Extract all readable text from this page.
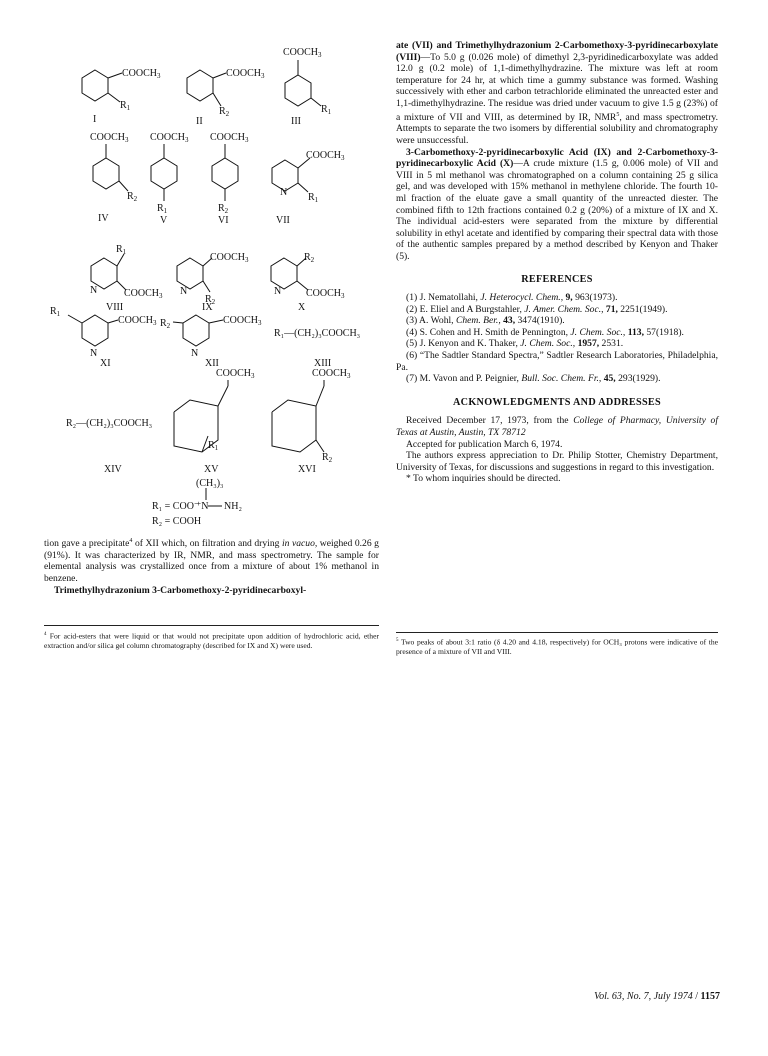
$COOCH_3$
$R_1$
I
$COOCH_3$
$R_2$
II
$COOCH_3$
$R_1$
III
$COOCH_3$
$R_2$
IV
$COOCH_3$
$R_1$
V
$COOCH_3$
$R_2$
VI
$COOCH_3$
$R_1$
N
VII
$R_1$
$COOCH_3$
N
VIII
$COOCH_3$
$R_2$
N
IX
$R_2$
$COOCH_3$
N
X
$R_1$
$COOCH_3$
N
XI
$R_2$	$COOCH_3$
N
XII
R₁—(CH₂)₃COOCH₃
XIII
R₂—(CH₂)₃COOCH₃
XIV
$COOCH_3$
$R_1$
XV
$COOCH_3$
$R_2$
XVI
(CH₃)₃
R₁ = COO⁻
⁺N NH₂
R₂ = COOH

tion gave a precipitate$^4$ of XII which, on filtration and drying in vacuo, weighed 0.26 g (91%). It was characterized by IR, NMR, and mass spectrometry. The sample for elemental analysis was crystallized once from a mixture of about 1% methanol in benzene.

Trimethylhydrazonium 3-Carbomethoxy-2-pyridinecarboxyl-

$^4$ For acid-esters that were liquid or that would not precipitate upon addition of hydrochloric acid, ether extraction and/or silica gel column chromatography (described for IX and X) were used.

ate (VII) and Trimethylhydrazonium 2-Carbomethoxy-3-pyridinecarboxylate (VIII)—To 5.0 g (0.026 mole) of dimethyl 2,3-pyridinedicarboxylate was added 12.0 g (0.2 mole) of 1,1-dimethylhydrazine. The mixture was left at room temperature for 24 hr, at which time a gummy substance was formed. Washing successively with ether and carbon tetrachloride eliminated the unreacted ester and 1,1-dimethylhydrazine. The residue was dried under vacuum to give 1.5 g (23%) of a mixture of VII and VIII, as determined by IR, NMR$^5$, and mass spectrometry. Attempts to separate the two isomers by differential solubility and chromatography were unsuccessful.

3-Carbomethoxy-2-pyridinecarboxylic Acid (IX) and 2-Carbomethoxy-3-pyridinecarboxylic Acid (X)—A crude mixture (1.5 g, 0.006 mole) of VII and VIII in 5 ml methanol was chromatographed on a column containing 25 g silica gel, and was developed with 15% methanol in methylene chloride. The fourth 10-ml fraction of the eluate gave a small quantity of the unreacted diester. The combined fifth to 12th fractions contained 0.2 g (20%) of a mixture of IX and X. The individual acid-esters were separated from the mixture by differential solubility in ethyl acetate and identified by comparing their spectral data with those of the authentic samples prepared by a method described by Kenyon and Thaker (5).

REFERENCES

(1) J. Nematollahi, J. Heterocycl. Chem., 9, 963(1973).

(2) E. Eliel and A Burgstahler, J. Amer. Chem. Soc., 71, 2251(1949).

(3) A. Wohl, Chem. Ber., 43, 3474(1910).

(4) S. Cohen and H. Smith de Pennington, J. Chem. Soc., 113, 57(1918).

(5) J. Kenyon and K. Thaker, J. Chem. Soc., 1957, 2531.

(6) “The Sadtler Standard Spectra,” Sadtler Research Laboratories, Philadelphia, Pa.

(7) M. Vavon and P. Peignier, Bull. Soc. Chem. Fr., 45, 293(1929).

ACKNOWLEDGMENTS AND ADDRESSES

Received December 17, 1973, from the College of Pharmacy, University of Texas at Austin, Austin, TX 78712

Accepted for publication March 6, 1974.

The authors express appreciation to Dr. Philip Stotter, Chemistry Department, University of Texas, for discussions and suggestions in regard to this investigation.

* To whom inquiries should be directed.

$^5$ Two peaks of about 3:1 ratio (δ 4.20 and 4.18, respectively) for OCH₃ protons were indicative of the presence of a mixture of VII and VIII.
Vol. 63, No. 7, July 1974 / 1157
